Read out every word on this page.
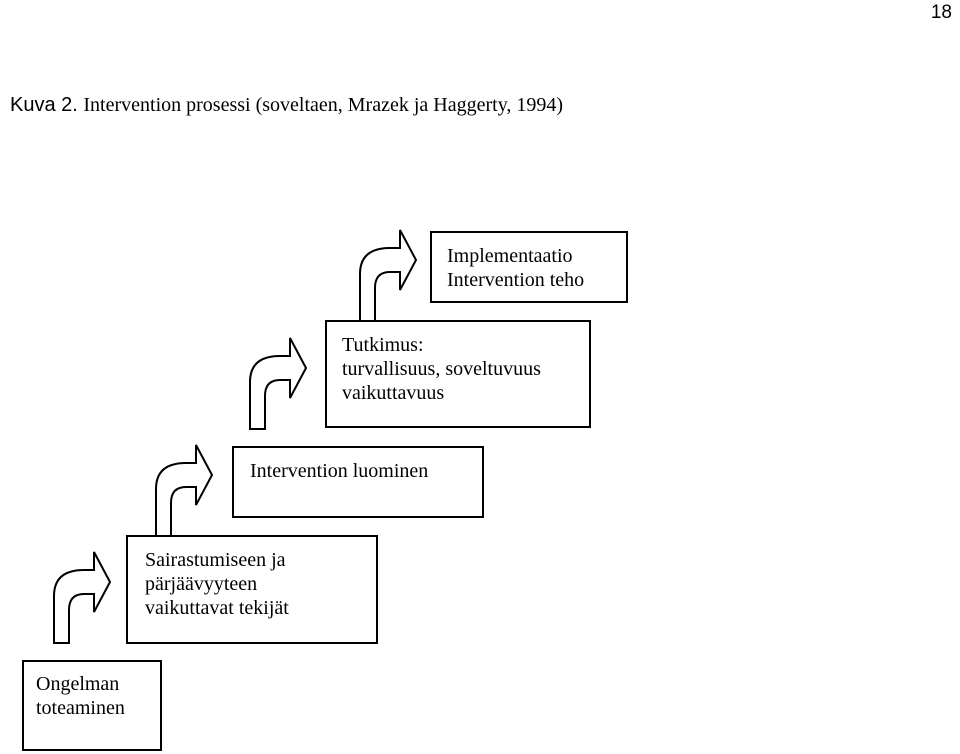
18
Kuva 2. Intervention prosessi (soveltaen, Mrazek ja Haggerty, 1994)
Ongelman
toteaminen
Sairastumiseen ja
pärjäävyyteen
vaikuttavat tekijät
Intervention luominen
Tutkimus:
turvallisuus, soveltuvuus
vaikuttavuus
Implementaatio
Intervention teho
